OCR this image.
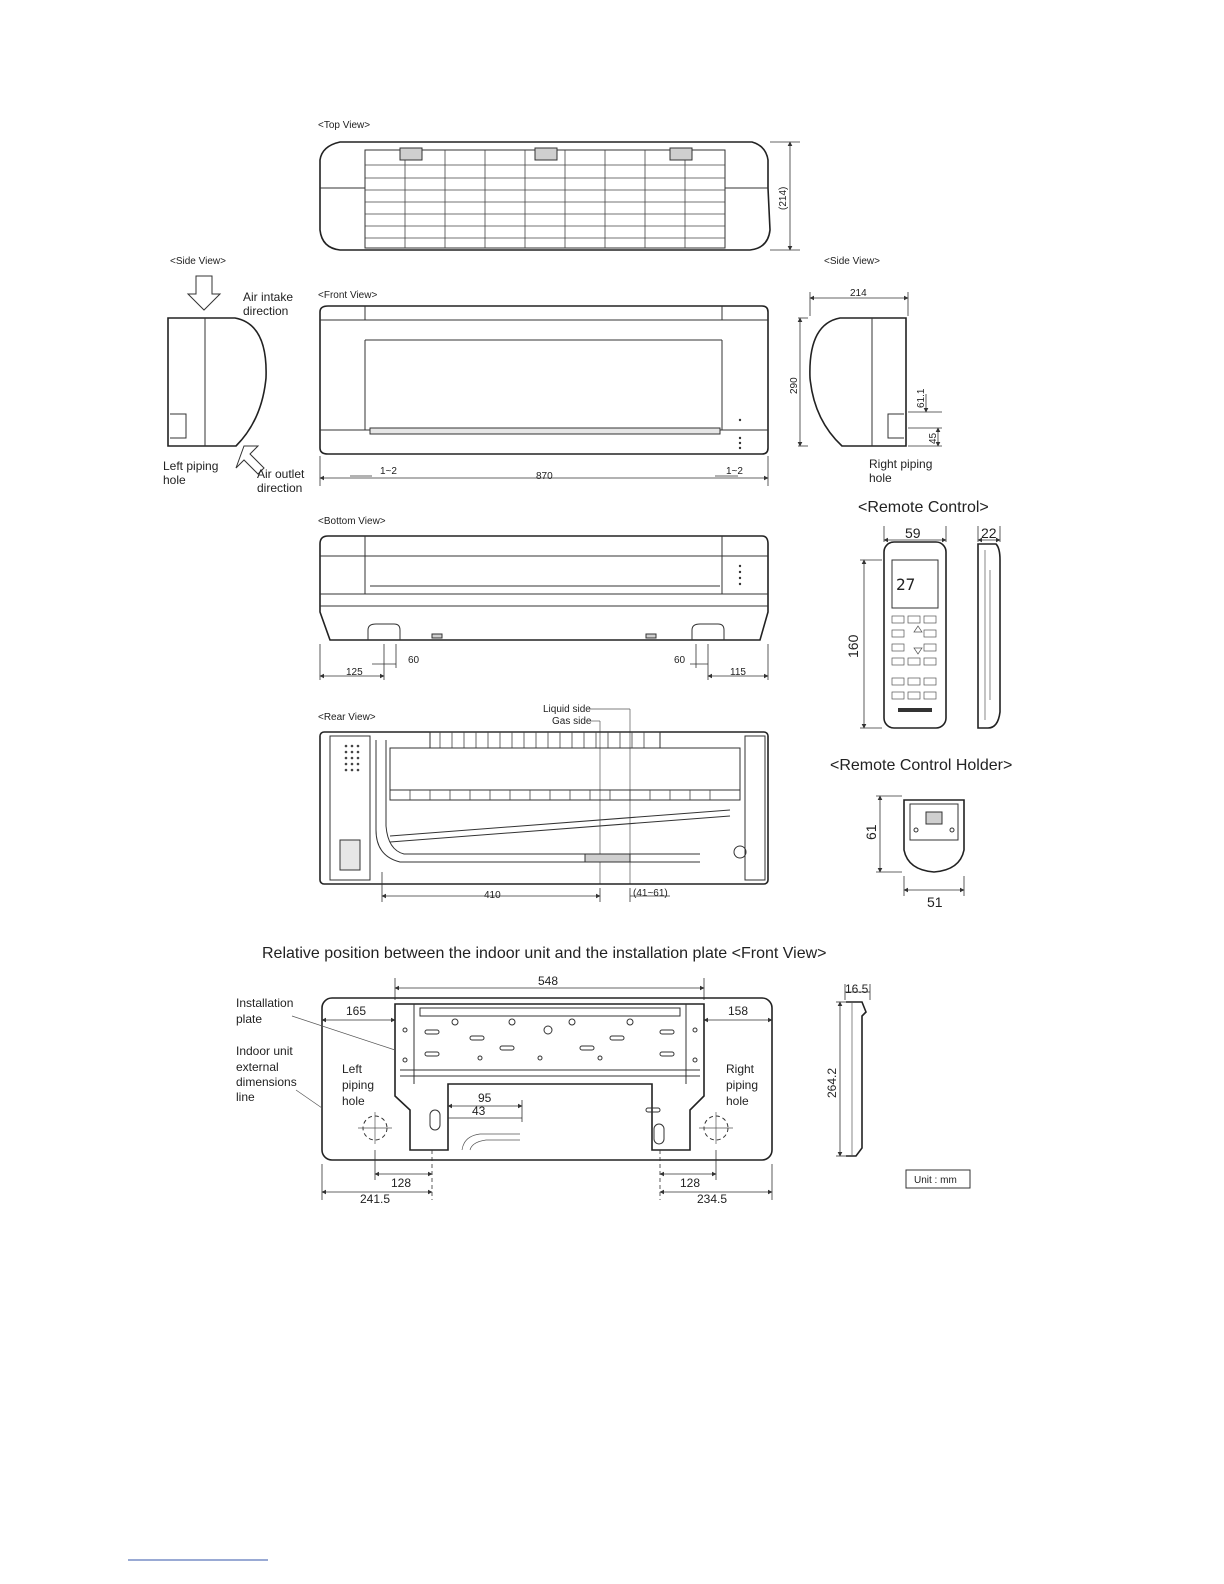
<Top View>
(214)
<Side View>
Air intake
direction
Left piping
hole	Air outlet
direction
<Front View>
870
1~2	1~2
<Side View>
214
290
61.1
45
Right piping
hole
<Bottom View>
125
60	60
115
<Rear View>
Liquid side
Gas side
410	(41~61)
<Remote Control>
59
27
160
22
<Remote Control Holder>
61
51
Relative position between the indoor unit and the installation plate <Front View>
548
165	158
95
43
128
241.5
128
234.5
Installation
plate
Indoor unit
external
dimensions
line
Left
piping
hole
Right
piping
hole
16.5
264.2
Unit : mm
